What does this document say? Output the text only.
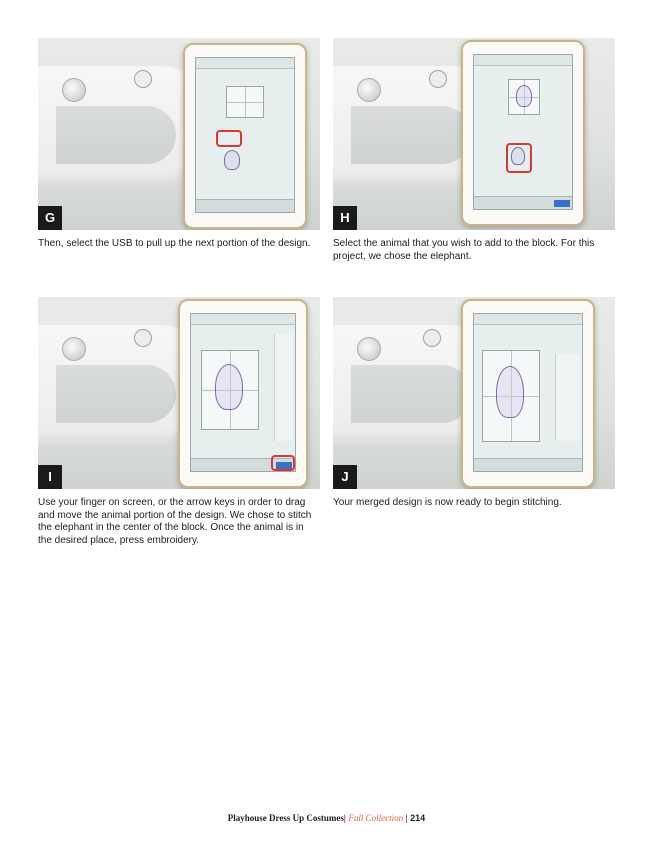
G
Then, select the USB to pull up the next portion of the design.
H
Select the animal that you wish to add to the block. For this project, we chose the elephant.
I
Use your finger on screen, or the arrow keys in order to drag and move the animal portion of the design. We chose to stitch the elephant in the center of the block. Once the animal is in the desired place, press embroidery.
J
Your merged design is now ready to begin stitching.
Playhouse Dress Up Costumes| Full Collection | 214
